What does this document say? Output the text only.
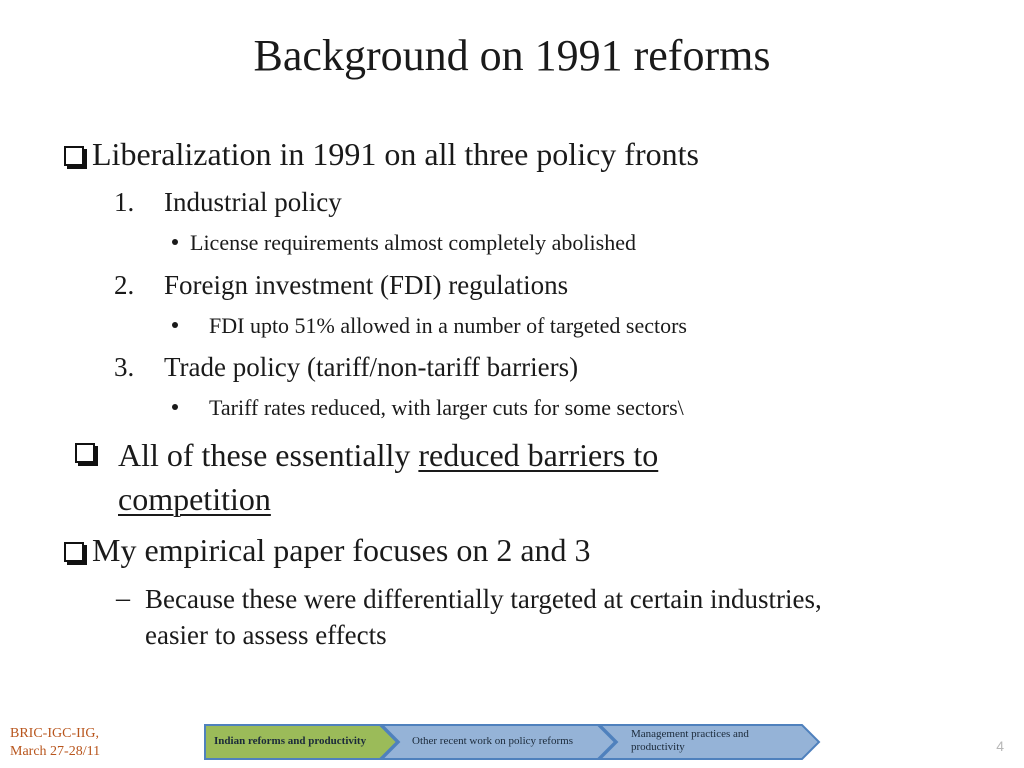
Background on 1991 reforms
Liberalization in 1991 on all three policy fronts
1. Industrial policy
License requirements almost completely abolished
2. Foreign investment (FDI) regulations
FDI upto 51% allowed in a number of targeted sectors
3. Trade policy (tariff/non-tariff barriers)
Tariff rates reduced, with larger cuts for some sectors\
All of these essentially reduced barriers to
competition
My empirical paper focuses on 2 and 3
– Because these were differentially targeted at certain industries,
easier to assess effects
BRIC-IGC-IIG,
March 27-28/11
Indian reforms and productivity	Other recent work on policy reforms
Management practices and
productivity	4
